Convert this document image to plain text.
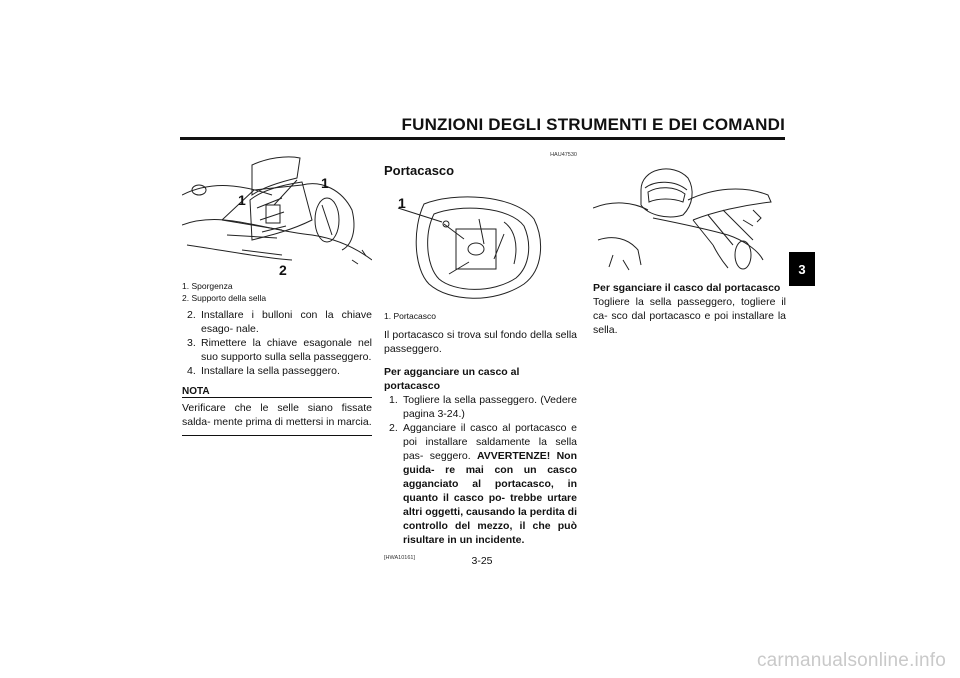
FUNZIONI DEGLI STRUMENTI E DEI COMANDI
3
1
1
2

1. Sporgenza

2. Supporto della sella

2. Installare i bulloni con la chiave esago- nale.
3. Rimettere la chiave esagonale nel suo supporto sulla sella passeggero.
4. Installare la sella passeggero.
NOTA

Verificare che le selle siano fissate salda- mente prima di mettersi in marcia.

HAU47530

Portacasco
1

1. Portacasco

Il portacasco si trova sul fondo della sella passeggero.

Per agganciare un casco al portacasco

1. Togliere la sella passeggero. (Vedere pagina 3-24.)
2. Agganciare il casco al portacasco e poi installare saldamente la sella pas- seggero. AVVERTENZE! Non guida- re mai con un casco agganciato al portacasco, in quanto il casco po- trebbe urtare altri oggetti, causando la perdita di controllo del mezzo, il che può risultare in un incidente.

[HWA10161]

Per sganciare il casco dal portacasco

Togliere la sella passeggero, togliere il ca- sco dal portacasco e poi installare la sella.

3-25
carmanualsonline.info
